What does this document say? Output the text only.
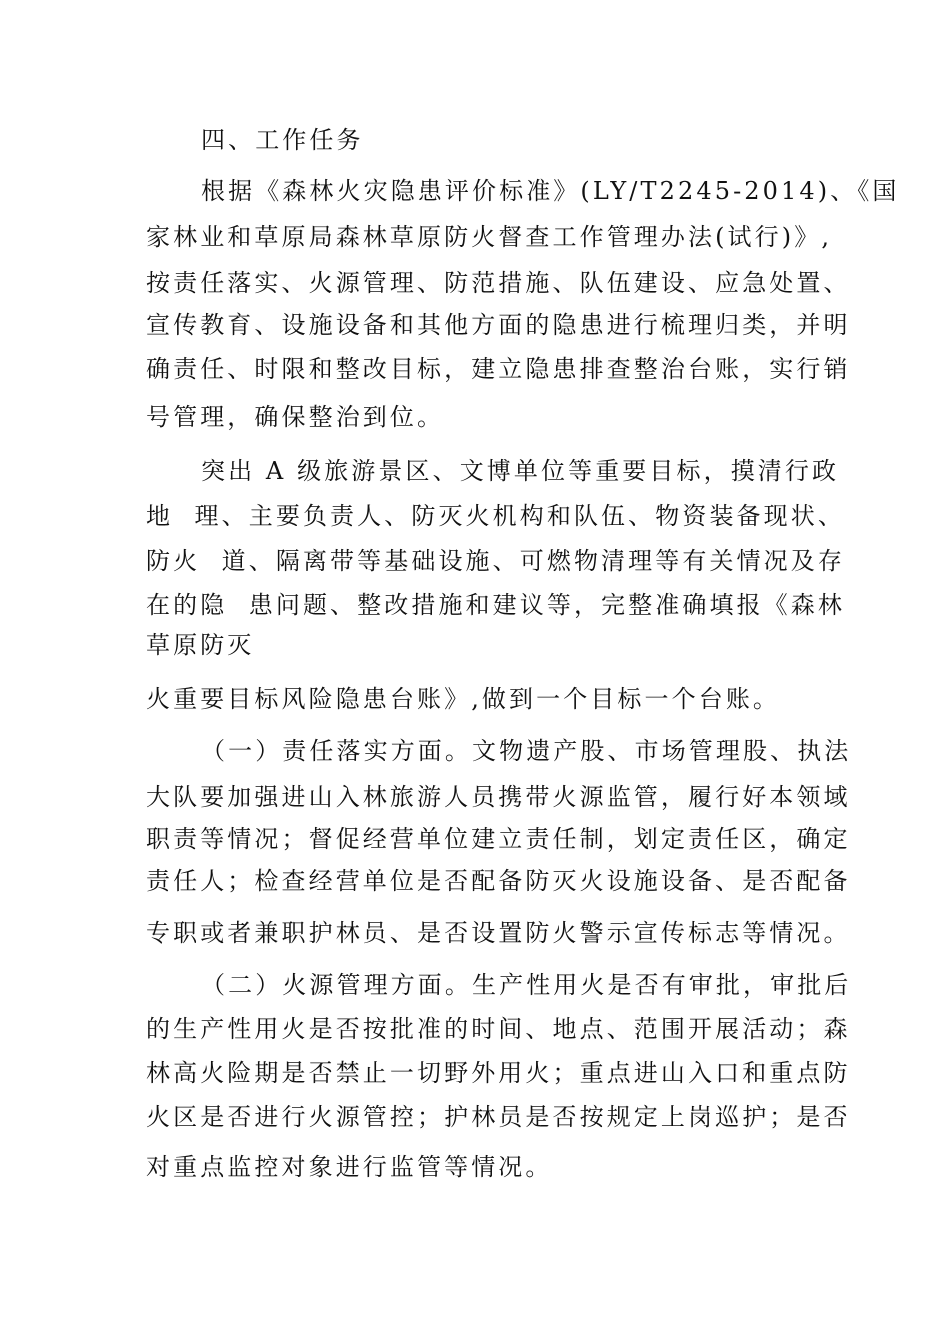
四、工作任务
根据《森林火灾隐患评价标准》(LY/T2245-2014)、《国
家林业和草原局森林草原防火督查工作管理办法(试行)》,
按责任落实、火源管理、防范措施、队伍建设、应急处置、
宣传教育、设施设备和其他方面的隐患进行梳理归类，并明
确责任、时限和整改目标，建立隐患排查整治台账，实行销
号管理，确保整治到位。
突出 A 级旅游景区、文博单位等重要目标，摸清行政
地  理、主要负责人、防灭火机构和队伍、物资装备现状、
防火  道、隔离带等基础设施、可燃物清理等有关情况及存
在的隐  患问题、整改措施和建议等，完整准确填报《森林
草原防灭
火重要目标风险隐患台账》,做到一个目标一个台账。
（一）责任落实方面。文物遗产股、市场管理股、执法
大队要加强进山入林旅游人员携带火源监管，履行好本领域
职责等情况；督促经营单位建立责任制，划定责任区，确定
责任人；检查经营单位是否配备防灭火设施设备、是否配备
专职或者兼职护林员、是否设置防火警示宣传标志等情况。
（二）火源管理方面。生产性用火是否有审批，审批后
的生产性用火是否按批准的时间、地点、范围开展活动；森
林高火险期是否禁止一切野外用火；重点进山入口和重点防
火区是否进行火源管控；护林员是否按规定上岗巡护；是否
对重点监控对象进行监管等情况。
